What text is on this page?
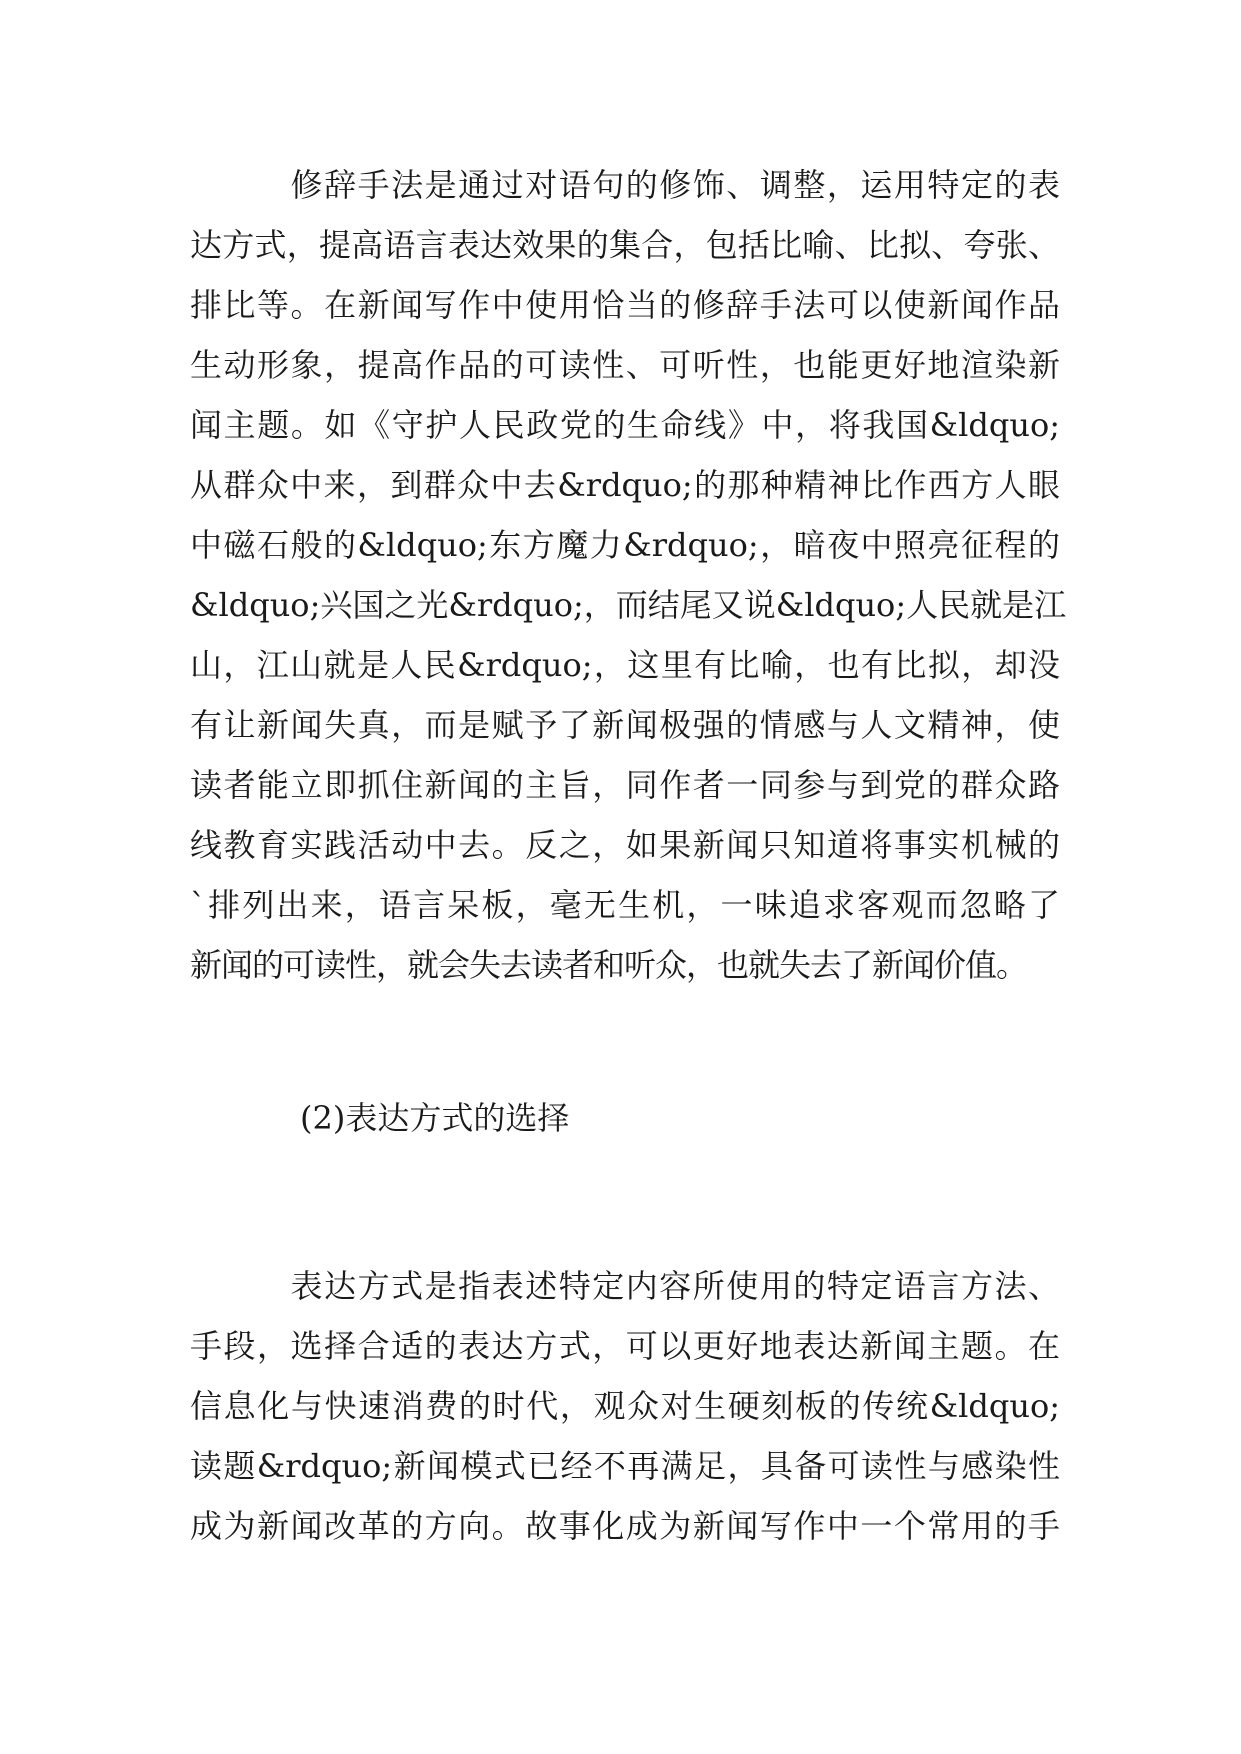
　　　修辞手法是通过对语句的修饰、调整，运用特定的表
达方式，提高语言表达效果的集合，包括比喻、比拟、夸张、
排比等。在新闻写作中使用恰当的修辞手法可以使新闻作品
生动形象，提高作品的可读性、可听性，也能更好地渲染新
闻主题。如《守护人民政党的生命线》中，将我国&ldquo;
从群众中来，到群众中去&rdquo;的那种精神比作西方人眼
中磁石般的&ldquo;东方魔力&rdquo;，暗夜中照亮征程的
&ldquo;兴国之光&rdquo;，而结尾又说&ldquo;人民就是江
山，江山就是人民&rdquo;，这里有比喻，也有比拟，却没
有让新闻失真，而是赋予了新闻极强的情感与人文精神，使
读者能立即抓住新闻的主旨，同作者一同参与到党的群众路
线教育实践活动中去。反之，如果新闻只知道将事实机械的
`排列出来，语言呆板，毫无生机，一味追求客观而忽略了
新闻的可读性，就会失去读者和听众，也就失去了新闻价值。
(2)表达方式的选择
　　　表达方式是指表述特定内容所使用的特定语言方法、
手段，选择合适的表达方式，可以更好地表达新闻主题。在
信息化与快速消费的时代，观众对生硬刻板的传统&ldquo;
读题&rdquo;新闻模式已经不再满足，具备可读性与感染性
成为新闻改革的方向。故事化成为新闻写作中一个常用的手
